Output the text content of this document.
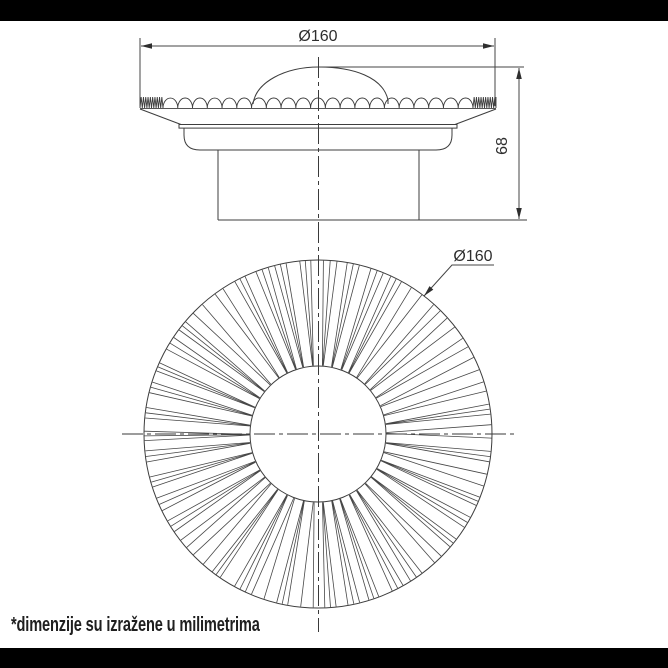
Ø160
68
Ø160
*dimenzije su izražene u milimetrima
